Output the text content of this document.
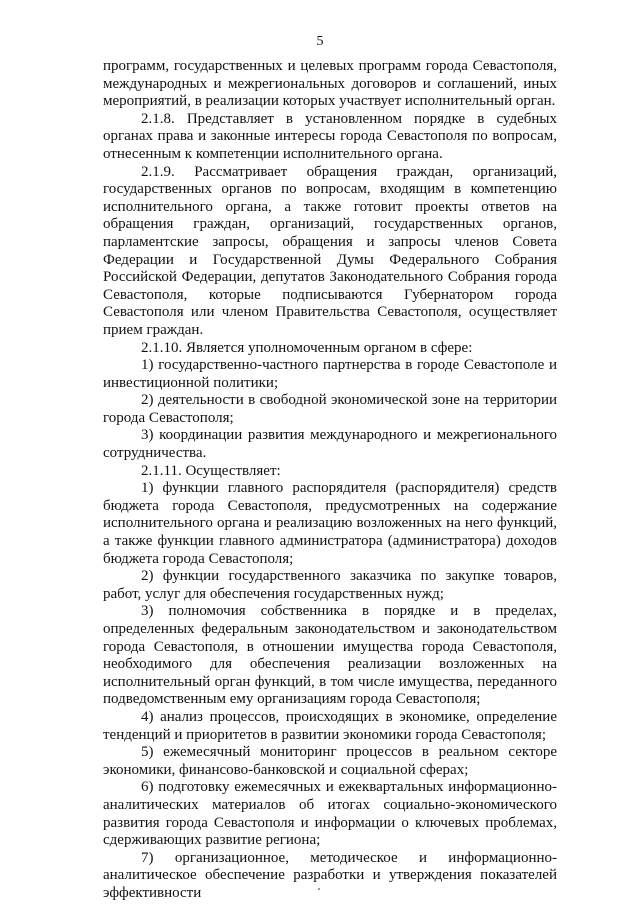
5

программ, государственных и целевых программ города Севастополя, международных и межрегиональных договоров и соглашений, иных мероприятий, в реализации которых участвует исполнительный орган.

2.1.8. Представляет в установленном порядке в судебных органах права и законные интересы города Севастополя по вопросам, отнесенным к компетенции исполнительного органа.

2.1.9. Рассматривает обращения граждан, организаций, государственных органов по вопросам, входящим в компетенцию исполнительного органа, а также готовит проекты ответов на обращения граждан, организаций, государственных органов, парламентские запросы, обращения и запросы членов Совета Федерации и Государственной Думы Федерального Собрания Российской Федерации, депутатов Законодательного Собрания города Севастополя, которые подписываются Губернатором города Севастополя или членом Правительства Севастополя, осуществляет прием граждан.

2.1.10. Является уполномоченным органом в сфере:

1) государственно-частного партнерства в городе Севастополе и инвестиционной политики;

2) деятельности в свободной экономической зоне на территории города Севастополя;

3) координации развития международного и межрегионального сотрудничества.

2.1.11. Осуществляет:

1) функции главного распорядителя (распорядителя) средств бюджета города Севастополя, предусмотренных на содержание исполнительного органа и реализацию возложенных на него функций, а также функции главного администратора (администратора) доходов бюджета города Севастополя;

2) функции государственного заказчика по закупке товаров, работ, услуг для обеспечения государственных нужд;

3) полномочия собственника в порядке и в пределах, определенных федеральным законодательством и законодательством города Севастополя, в отношении имущества города Севастополя, необходимого для обеспечения реализации возложенных на исполнительный орган функций, в том числе имущества, переданного подведомственным ему организациям города Севастополя;

4) анализ процессов, происходящих в экономике, определение тенденций и приоритетов в развитии экономики города Севастополя;

5) ежемесячный мониторинг процессов в реальном секторе экономики, финансово-банковской и социальной сферах;

6) подготовку ежемесячных и ежеквартальных информационно-аналитических материалов об итогах социально-экономического развития города Севастополя и информации о ключевых проблемах, сдерживающих развитие региона;

7) организационное, методическое и информационно-аналитическое обеспечение разработки и утверждения показателей эффективности
